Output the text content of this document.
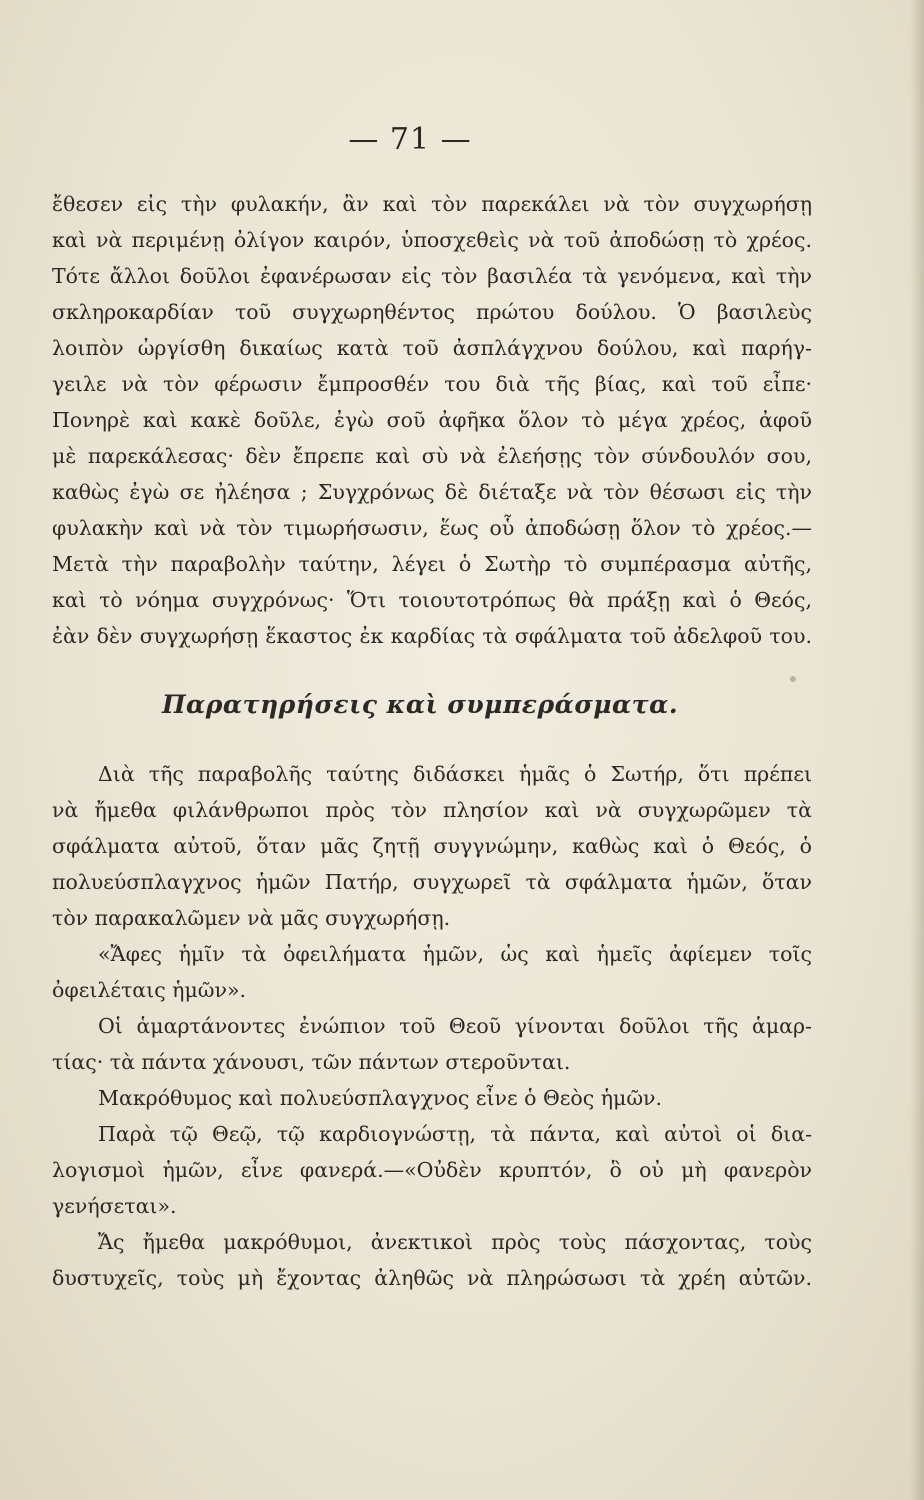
— 71 —
ἔθεσεν εἰς τὴν φυλακήν, ἂν καὶ τὸν παρεκάλει νὰ τὸν συγχωρήσῃ
καὶ νὰ περιμένῃ ὀλίγον καιρόν, ὑποσχεθεὶς νὰ τοῦ ἀποδώσῃ τὸ χρέος.
Τότε ἄλλοι δοῦλοι ἐφανέρωσαν εἰς τὸν βασιλέα τὰ γενόμενα, καὶ τὴν
σκληροκαρδίαν τοῦ συγχωρηθέντος πρώτου δούλου. Ὁ βασιλεὺς
λοιπὸν ὠργίσθη δικαίως κατὰ τοῦ ἀσπλάγχνου δούλου, καὶ παρήγ-
γειλε νὰ τὸν φέρωσιν ἔμπροσθέν του διὰ τῆς βίας, καὶ τοῦ εἶπε·
Πονηρὲ καὶ κακὲ δοῦλε, ἐγὼ σοῦ ἀφῆκα ὅλον τὸ μέγα χρέος, ἀφοῦ
μὲ παρεκάλεσας· δὲν ἔπρεπε καὶ σὺ νὰ ἐλεήσῃς τὸν σύνδουλόν σου,
καθὼς ἐγὼ σε ἠλέησα ; Συγχρόνως δὲ διέταξε νὰ τὸν θέσωσι εἰς τὴν
φυλακὴν καὶ νὰ τὸν τιμωρήσωσιν, ἕως οὗ ἀποδώσῃ ὅλον τὸ χρέος.—
Μετὰ τὴν παραβολὴν ταύτην, λέγει ὁ Σωτὴρ τὸ συμπέρασμα αὐτῆς,
καὶ τὸ νόημα συγχρόνως· Ὅτι τοιουτοτρόπως θὰ πράξῃ καὶ ὁ Θεός,
ἐὰν δὲν συγχωρήσῃ ἕκαστος ἐκ καρδίας τὰ σφάλματα τοῦ ἀδελφοῦ του.
Παρατηρήσεις καὶ συμπεράσματα.
Διὰ τῆς παραβολῆς ταύτης διδάσκει ἡμᾶς ὁ Σωτήρ, ὅτι πρέπει
νὰ ἤμεθα φιλάνθρωποι πρὸς τὸν πλησίον καὶ νὰ συγχωρῶμεν τὰ
σφάλματα αὐτοῦ, ὅταν μᾶς ζητῇ συγγνώμην, καθὼς καὶ ὁ Θεός, ὁ
πολυεύσπλαγχνος ἡμῶν Πατήρ, συγχωρεῖ τὰ σφάλματα ἡμῶν, ὅταν
τὸν παρακαλῶμεν νὰ μᾶς συγχωρήσῃ.
«Ἄφες ἡμῖν τὰ ὀφειλήματα ἡμῶν, ὡς καὶ ἡμεῖς ἀφίεμεν τοῖς
ὀφειλέταις ἡμῶν».
Οἱ ἁμαρτάνοντες ἐνώπιον τοῦ Θεοῦ γίνονται δοῦλοι τῆς ἁμαρ-
τίας· τὰ πάντα χάνουσι, τῶν πάντων στεροῦνται.
Μακρόθυμος καὶ πολυεύσπλαγχνος εἶνε ὁ Θεὸς ἡμῶν.
Παρὰ τῷ Θεῷ, τῷ καρδιογνώστῃ, τὰ πάντα, καὶ αὐτοὶ οἱ δια-
λογισμοὶ ἡμῶν, εἶνε φανερά.—«Οὐδὲν κρυπτόν, ὃ οὐ μὴ φανερὸν
γενήσεται».
Ἄς ἤμεθα μακρόθυμοι, ἀνεκτικοὶ πρὸς τοὺς πάσχοντας, τοὺς
δυστυχεῖς, τοὺς μὴ ἔχοντας ἀληθῶς νὰ πληρώσωσι τὰ χρέη αὐτῶν.
